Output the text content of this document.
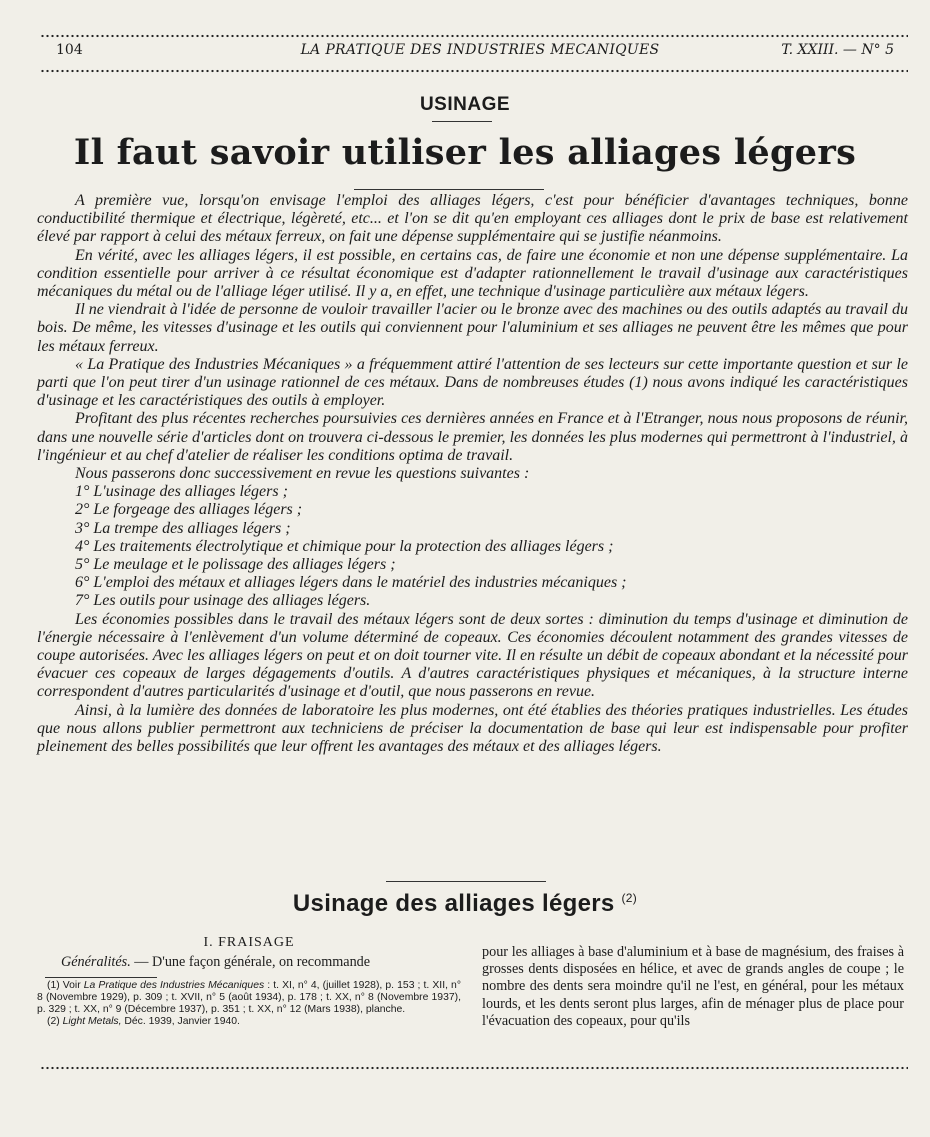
104	LA PRATIQUE DES INDUSTRIES MECANIQUES	T. XXIII. — N° 5
USINAGE
Il faut savoir utiliser les alliages légers

A première vue, lorsqu'on envisage l'emploi des alliages légers, c'est pour bénéficier d'avantages techniques, bonne conductibilité thermique et électrique, légèreté, etc... et l'on se dit qu'en employant ces alliages dont le prix de base est relativement élevé par rapport à celui des métaux ferreux, on fait une dépense supplémentaire qui se justifie néanmoins.

En vérité, avec les alliages légers, il est possible, en certains cas, de faire une économie et non une dépense supplémentaire. La condition essentielle pour arriver à ce résultat économique est d'adapter rationnellement le travail d'usinage aux caractéristiques mécaniques du métal ou de l'alliage léger utilisé. Il y a, en effet, une technique d'usinage particulière aux métaux légers.

Il ne viendrait à l'idée de personne de vouloir travailler l'acier ou le bronze avec des machines ou des outils adaptés au travail du bois. De même, les vitesses d'usinage et les outils qui conviennent pour l'aluminium et ses alliages ne peuvent être les mêmes que pour les métaux ferreux.

« La Pratique des Industries Mécaniques » a fréquemment attiré l'attention de ses lecteurs sur cette importante question et sur le parti que l'on peut tirer d'un usinage rationnel de ces métaux. Dans de nombreuses études (1) nous avons indiqué les caractéristiques d'usinage et les caractéristiques des outils à employer.

Profitant des plus récentes recherches poursuivies ces dernières années en France et à l'Etranger, nous nous proposons de réunir, dans une nouvelle série d'articles dont on trouvera ci-dessous le premier, les données les plus modernes qui permettront à l'industriel, à l'ingénieur et au chef d'atelier de réaliser les conditions optima de travail.

Nous passerons donc successivement en revue les questions suivantes :

1° L'usinage des alliages légers ;
2° Le forgeage des alliages légers ;
3° La trempe des alliages légers ;
4° Les traitements électrolytique et chimique pour la protection des alliages légers ;
5° Le meulage et le polissage des alliages légers ;
6° L'emploi des métaux et alliages légers dans le matériel des industries mécaniques ;
7° Les outils pour usinage des alliages légers.

Les économies possibles dans le travail des métaux légers sont de deux sortes : diminution du temps d'usinage et diminution de l'énergie nécessaire à l'enlèvement d'un volume déterminé de copeaux. Ces économies découlent notamment des grandes vitesses de coupe autorisées. Avec les alliages légers on peut et on doit tourner vite. Il en résulte un débit de copeaux abondant et la nécessité pour évacuer ces copeaux de larges dégagements d'outils. A d'autres caractéristiques physiques et mécaniques, à la structure interne correspondent d'autres particularités d'usinage et d'outil, que nous passerons en revue.

Ainsi, à la lumière des données de laboratoire les plus modernes, ont été établies des théories pratiques industrielles. Les études que nous allons publier permettront aux techniciens de préciser la documentation de base qui leur est indispensable pour profiter pleinement des belles possibilités que leur offrent les avantages des métaux et des alliages légers.

Usinage des alliages légers $^{(2)}$

I. FRAISAGE

Généralités. — D'une façon générale, on recommande

(1) Voir La Pratique des Industries Mécaniques : t. XI, n° 4, (juillet 1928), p. 153 ; t. XII, n° 8 (Novembre 1929), p. 309 ; t. XVII, n° 5 (août 1934), p. 178 ; t. XX, n° 8 (Novembre 1937), p. 329 ; t. XX, n° 9 (Décembre 1937), p. 351 ; t. XX, n° 12 (Mars 1938), planche.

(2) Light Metals, Déc. 1939, Janvier 1940.

pour les alliages à base d'aluminium et à base de magnésium, des fraises à grosses dents disposées en hélice, et avec de grands angles de coupe ; le nombre des dents sera moindre qu'il ne l'est, en général, pour les métaux lourds, et les dents seront plus larges, afin de ménager plus de place pour l'évacuation des copeaux, pour qu'ils
